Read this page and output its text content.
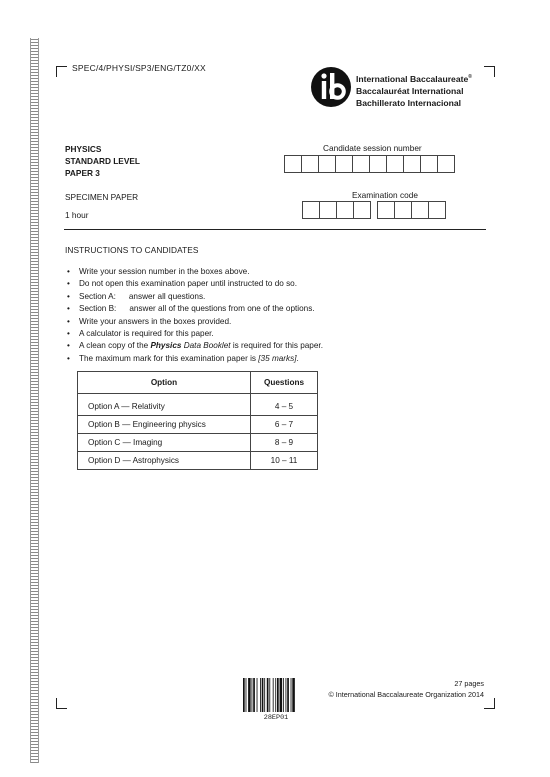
SPEC/4/PHYSI/SP3/ENG/TZ0/XX
International Baccalaureate®
Baccalauréat International
Bachillerato Internacional
PHYSICS
STANDARD LEVEL
PAPER 3
SPECIMEN PAPER
1 hour
Candidate session number
Examination code
INSTRUCTIONS TO CANDIDATES
• Write your session number in the boxes above.
• Do not open this examination paper until instructed to do so.
• Section A: answer all questions.
• Section B: answer all of the questions from one of the options.
• Write your answers in the boxes provided.
• A calculator is required for this paper.
• A clean copy of the Physics Data Booklet is required for this paper.
• The maximum mark for this examination paper is [35 marks].
Option	Questions
Option A — Relativity	4 – 5
Option B — Engineering physics	6 – 7
Option C — Imaging	8 – 9
Option D — Astrophysics	10 – 11
28EP01
27 pages
© International Baccalaureate Organization 2014
